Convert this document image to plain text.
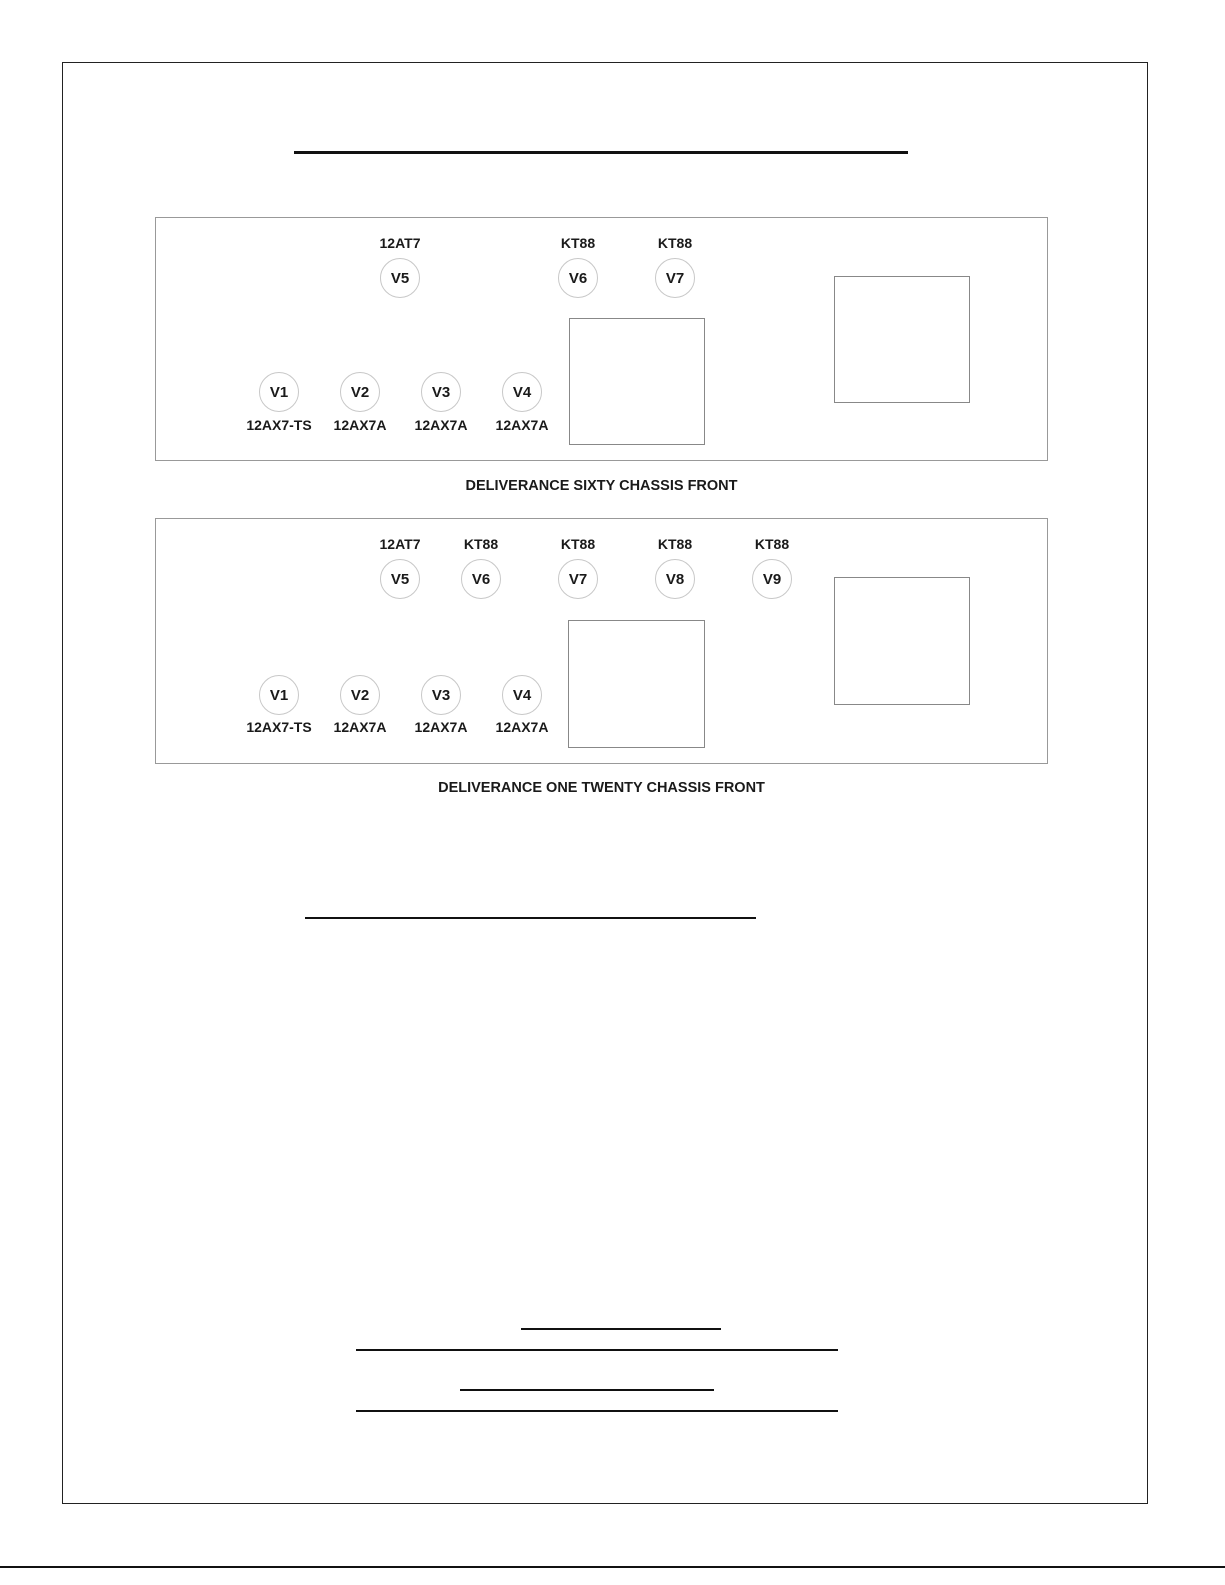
12AT7
V5
KT88
V6
KT88
V7
V1
12AX7-TS
V2
12AX7A
V3
12AX7A
V4
12AX7A
DELIVERANCE SIXTY CHASSIS FRONT
12AT7
V5
KT88
V6
KT88
V7
KT88
V8
KT88
V9
V1
12AX7-TS
V2
12AX7A
V3
12AX7A
V4
12AX7A
DELIVERANCE ONE TWENTY CHASSIS FRONT
